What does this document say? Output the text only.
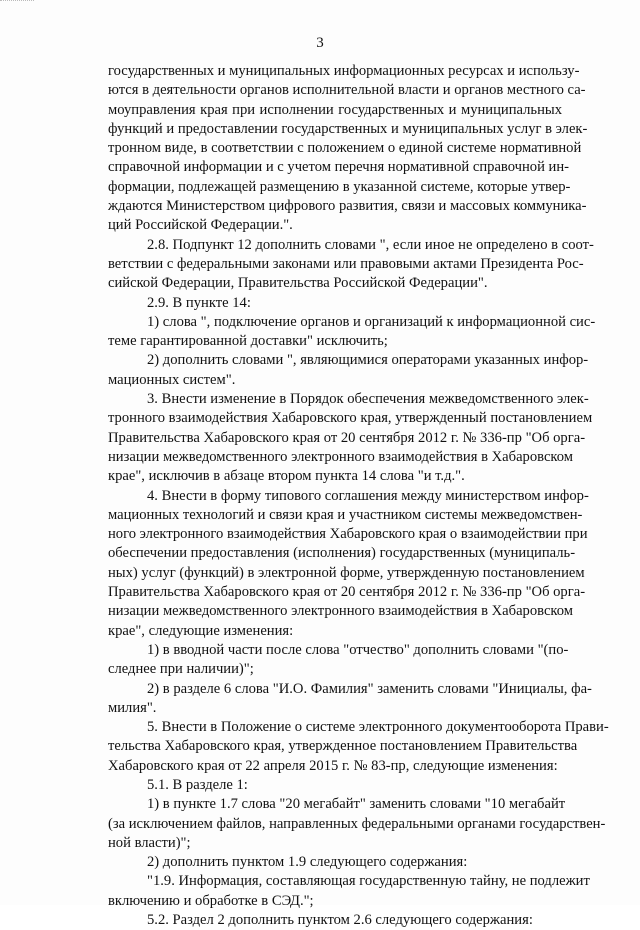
3
государственных и муниципальных информационных ресурсах и использу-
ются в деятельности органов исполнительной власти и органов местного са-
моуправления края при исполнении государственных и муниципальных
функций и предоставлении государственных и муниципальных услуг в элек-
тронном виде, в соответствии с положением о единой системе нормативной
справочной информации и с учетом перечня нормативной справочной ин-
формации, подлежащей размещению в указанной системе, которые утвер-
ждаются Министерством цифрового развития, связи и массовых коммуника-
ций Российской Федерации.".
2.8. Подпункт 12 дополнить словами ", если иное не определено в соот-
ветствии с федеральными законами или правовыми актами Президента Рос-
сийской Федерации, Правительства Российской Федерации".
2.9. В пункте 14:
1) слова ", подключение органов и организаций к информационной сис-
теме гарантированной доставки" исключить;
2) дополнить словами ", являющимися операторами указанных инфор-
мационных систем".
3. Внести изменение в Порядок обеспечения межведомственного элек-
тронного взаимодействия Хабаровского края, утвержденный постановлением
Правительства Хабаровского края от 20 сентября 2012 г. № 336-пр "Об орга-
низации межведомственного электронного взаимодействия в Хабаровском
крае", исключив в абзаце втором пункта 14 слова "и т.д.".
4. Внести в форму типового соглашения между министерством инфор-
мационных технологий и связи края и участником системы межведомствен-
ного электронного взаимодействия Хабаровского края о взаимодействии при
обеспечении предоставления (исполнения) государственных (муниципаль-
ных) услуг (функций) в электронной форме, утвержденную постановлением
Правительства Хабаровского края от 20 сентября 2012 г. № 336-пр "Об орга-
низации межведомственного электронного взаимодействия в Хабаровском
крае", следующие изменения:
1) в вводной части после слова "отчество" дополнить словами "(по-
следнее при наличии)";
2) в разделе 6 слова "И.О. Фамилия" заменить словами "Инициалы, фа-
милия".
5. Внести в Положение о системе электронного документооборота Прави-
тельства Хабаровского края, утвержденное постановлением Правительства
Хабаровского края от 22 апреля 2015 г. № 83-пр, следующие изменения:
5.1. В разделе 1:
1) в пункте 1.7 слова "20 мегабайт" заменить словами "10 мегабайт
(за исключением файлов, направленных федеральными органами государствен-
ной власти)";
2) дополнить пунктом 1.9 следующего содержания:
"1.9. Информация, составляющая государственную тайну, не подлежит
включению и обработке в СЭД.";
5.2. Раздел 2 дополнить пунктом 2.6 следующего содержания:
